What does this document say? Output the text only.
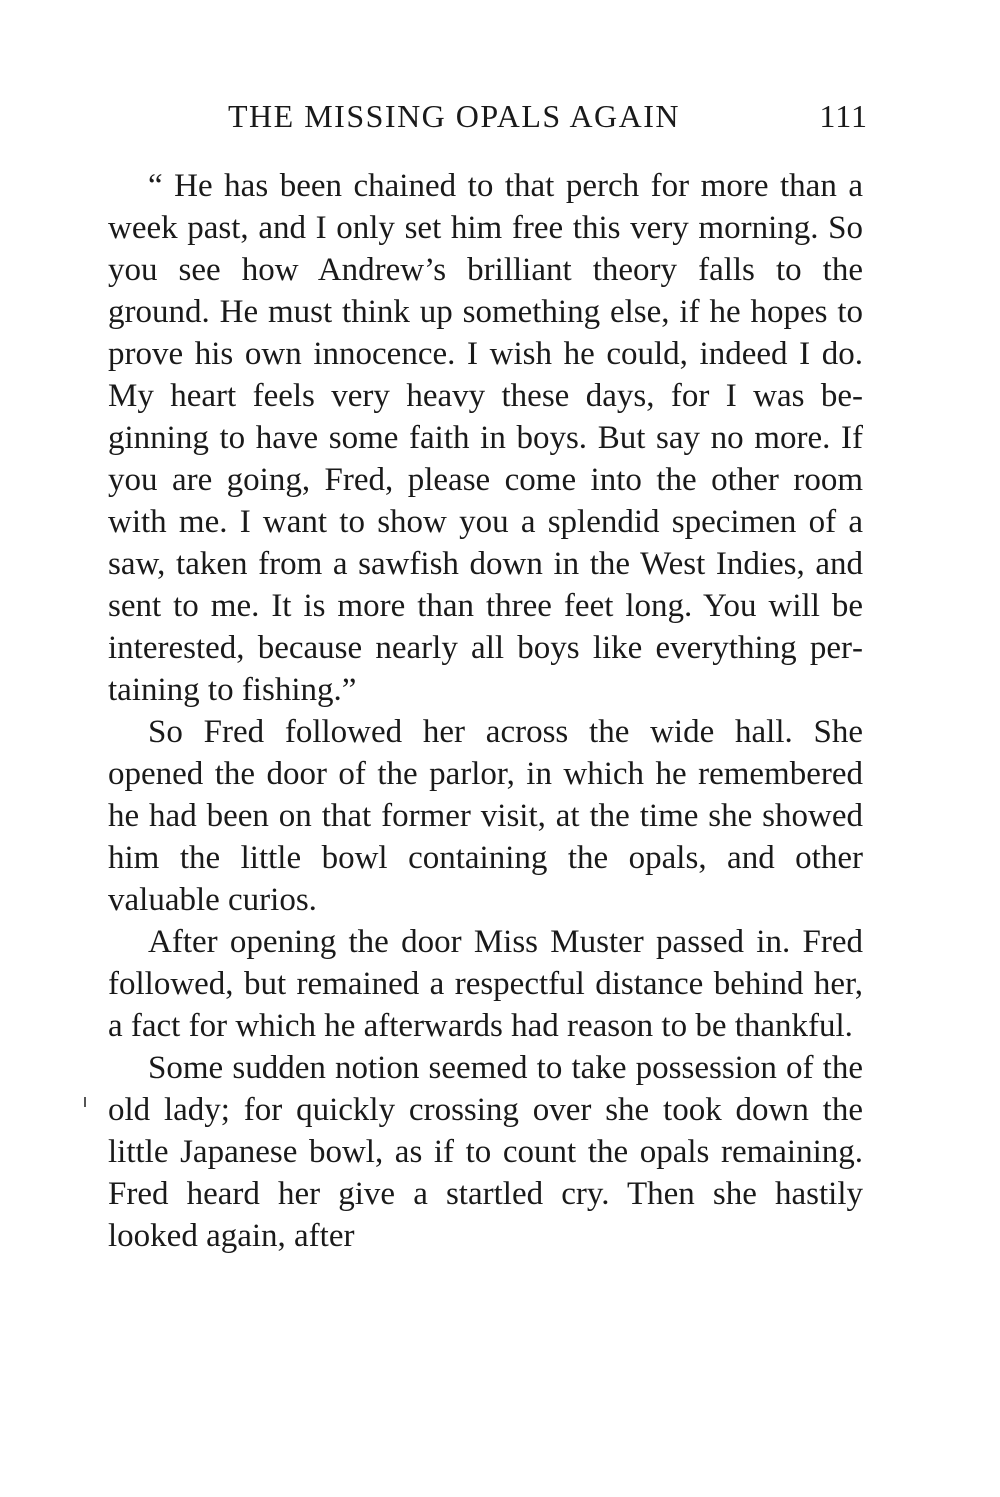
THE MISSING OPALS AGAIN	111

“ He has been chained to that perch for more than a week past, and I only set him free this very morning. So you see how Andrew’s brilliant theory falls to the ground. He must think up something else, if he hopes to prove his own innocence. I wish he could, indeed I do. My heart feels very heavy these days, for I was beginning to have some faith in boys. But say no more. If you are going, Fred, please come into the other room with me. I want to show you a splendid specimen of a saw, taken from a sawfish down in the West Indies, and sent to me. It is more than three feet long. You will be interested, because nearly all boys like everything pertaining to fishing.”

So Fred followed her across the wide hall. She opened the door of the parlor, in which he remembered he had been on that former visit, at the time she showed him the little bowl containing the opals, and other valuable curios.

After opening the door Miss Muster passed in. Fred followed, but remained a respectful distance behind her, a fact for which he afterwards had reason to be thankful.

Some sudden notion seemed to take possession of the old lady; for quickly crossing over she took down the little Japanese bowl, as if to count the opals remaining. Fred heard her give a startled cry. Then she hastily looked again, after
